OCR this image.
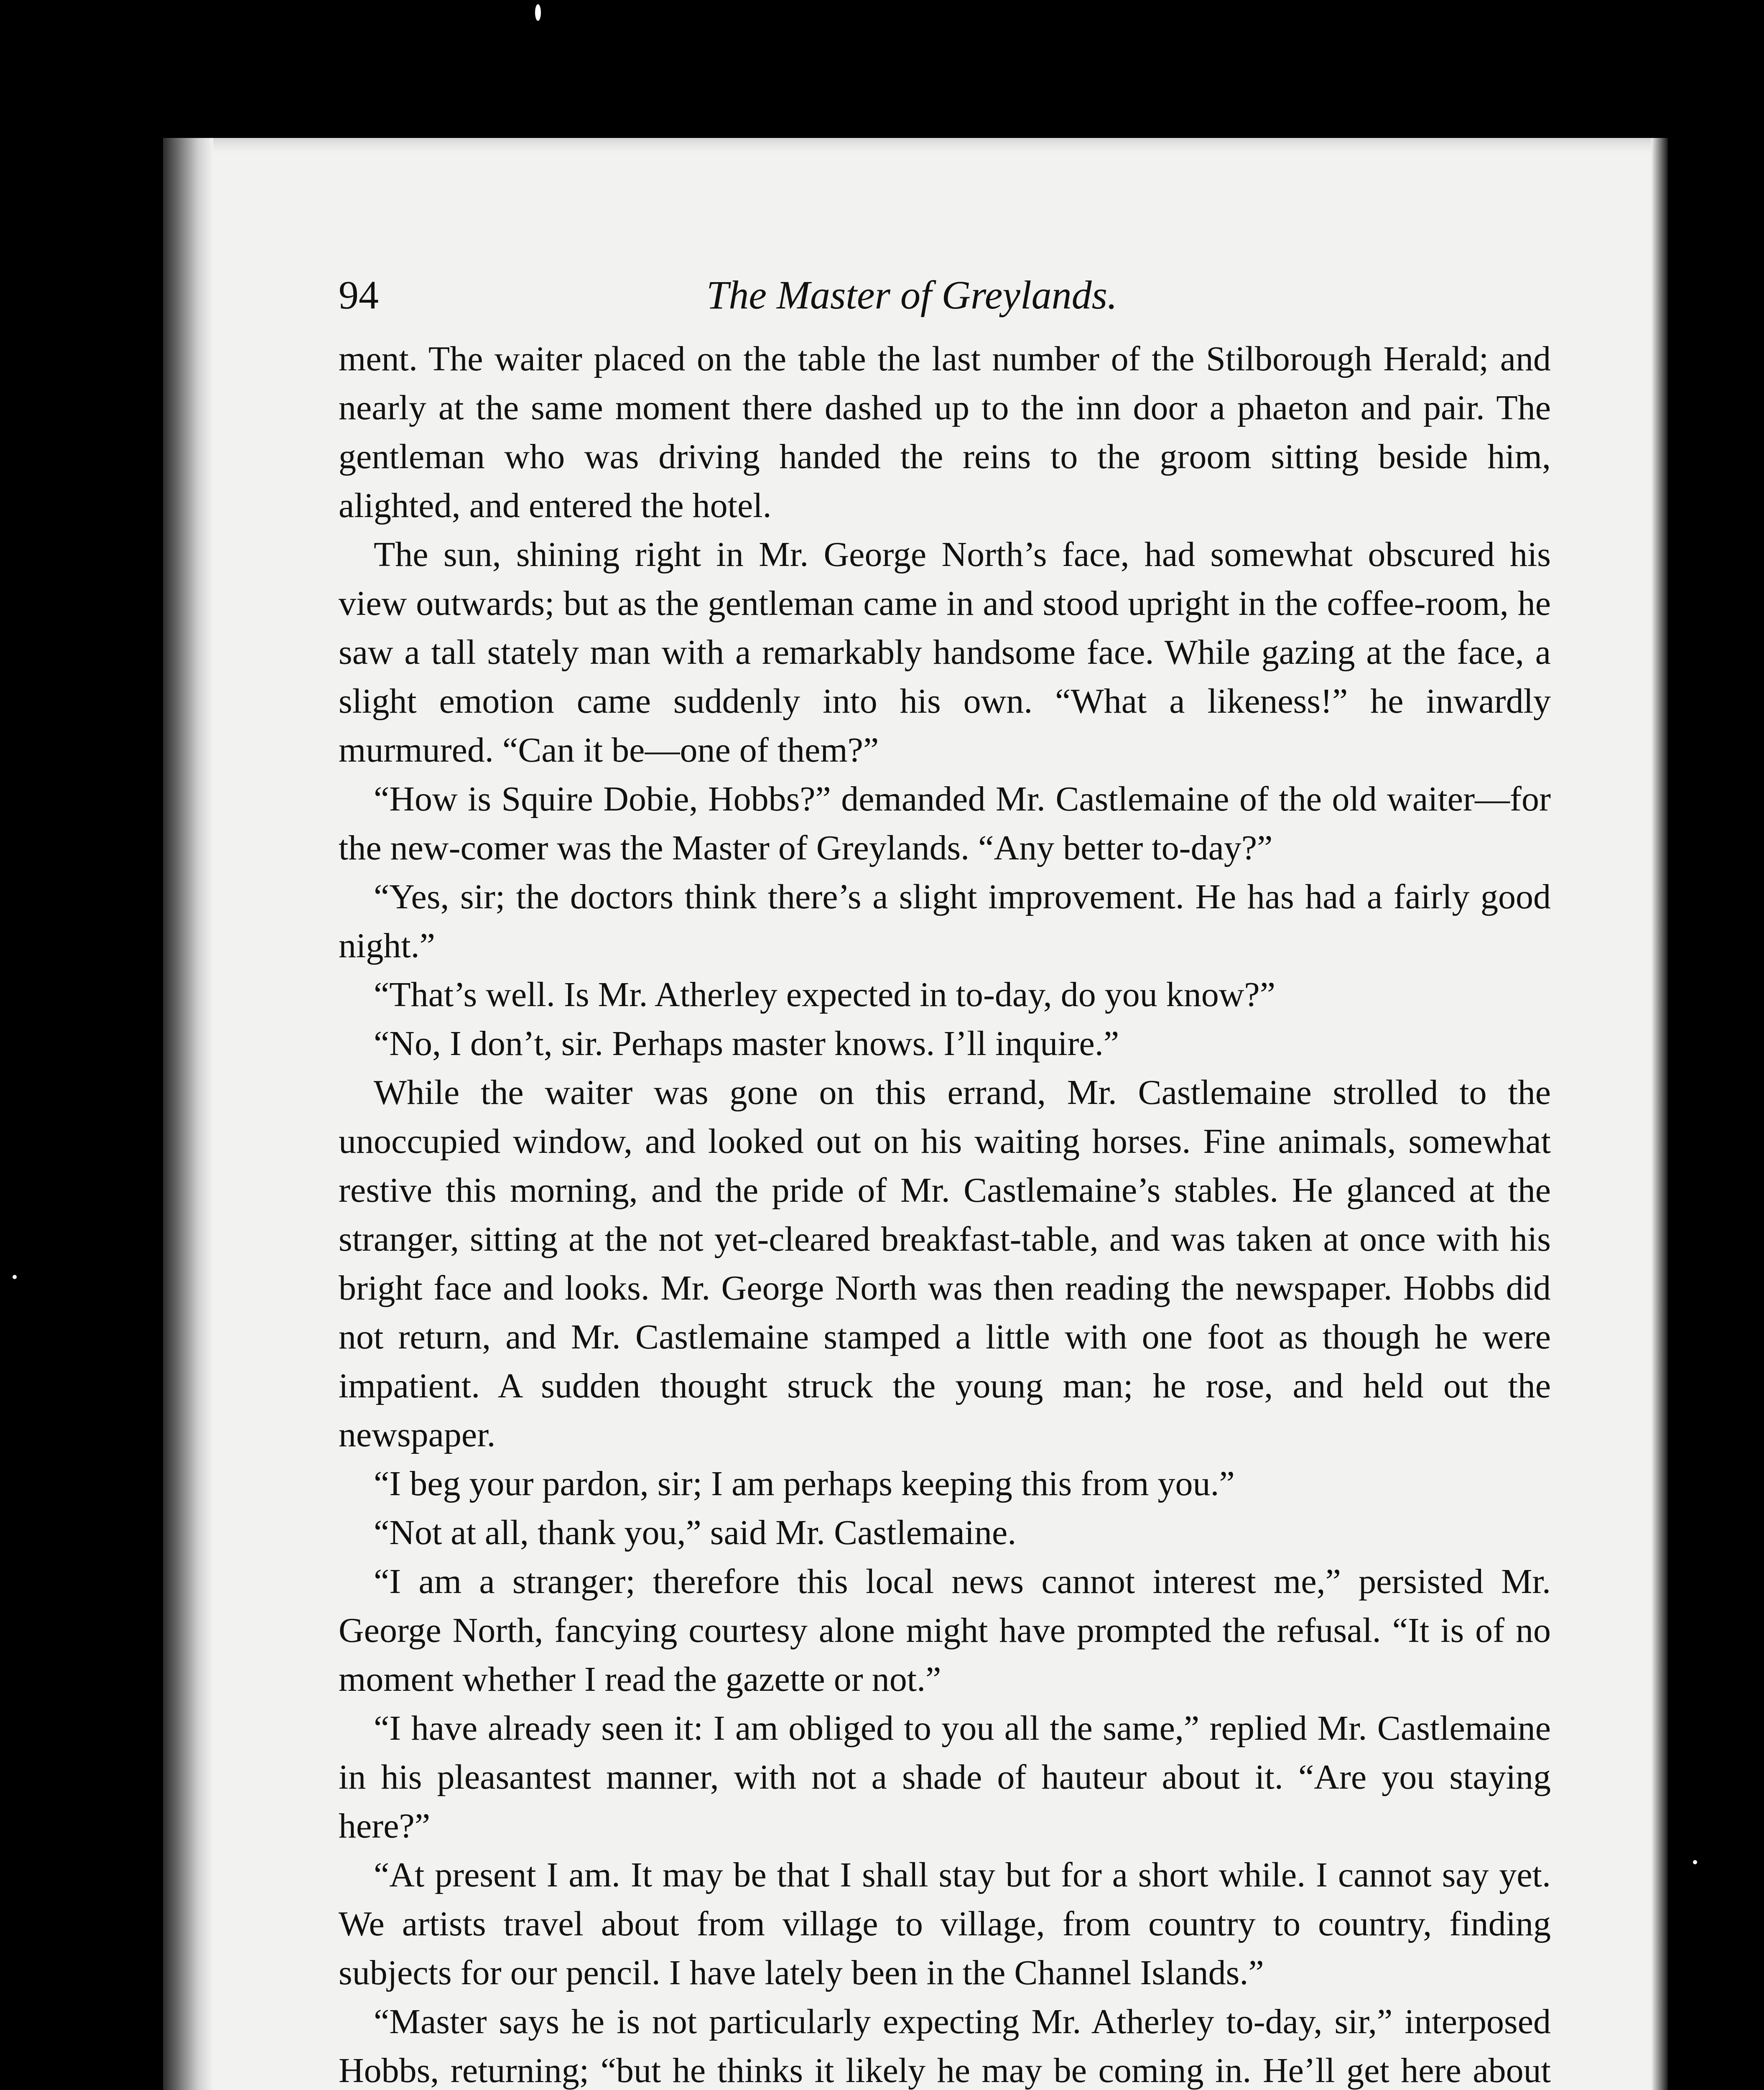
94	The Master of Greylands.

ment. The waiter placed on the table the last number of the Stilborough Herald; and nearly at the same moment there dashed up to the inn door a phaeton and pair. The gentleman who was driving handed the reins to the groom sitting beside him, alighted, and entered the hotel.

The sun, shining right in Mr. George North’s face, had somewhat obscured his view outwards; but as the gentleman came in and stood upright in the coffee-room, he saw a tall stately man with a remarkably handsome face. While gazing at the face, a slight emotion came suddenly into his own. “What a likeness!” he inwardly murmured. “Can it be—one of them?”

“How is Squire Dobie, Hobbs?” demanded Mr. Castlemaine of the old waiter—for the new-comer was the Master of Greylands. “Any better to-day?”

“Yes, sir; the doctors think there’s a slight improvement. He has had a fairly good night.”

“That’s well. Is Mr. Atherley expected in to-day, do you know?”

“No, I don’t, sir. Perhaps master knows. I’ll inquire.”

While the waiter was gone on this errand, Mr. Castlemaine strolled to the unoccupied window, and looked out on his waiting horses. Fine animals, somewhat restive this morning, and the pride of Mr. Castlemaine’s stables. He glanced at the stranger, sitting at the not yet-cleared breakfast-table, and was taken at once with his bright face and looks. Mr. George North was then reading the newspaper. Hobbs did not return, and Mr. Castlemaine stamped a little with one foot as though he were impatient. A sudden thought struck the young man; he rose, and held out the newspaper.

“I beg your pardon, sir; I am perhaps keeping this from you.”

“Not at all, thank you,” said Mr. Castlemaine.

“I am a stranger; therefore this local news cannot interest me,” persisted Mr. George North, fancying courtesy alone might have prompted the refusal. “It is of no moment whether I read the gazette or not.”

“I have already seen it: I am obliged to you all the same,” replied Mr. Castlemaine in his pleasantest manner, with not a shade of hauteur about it. “Are you staying here?”

“At present I am. It may be that I shall stay but for a short while. I cannot say yet. We artists travel about from village to village, from country to country, finding subjects for our pencil. I have lately been in the Channel Islands.”

“Master says he is not particularly expecting Mr. Atherley to-day, sir,” interposed Hobbs, returning; “but he thinks it likely he may be coming in. He’ll get here about
